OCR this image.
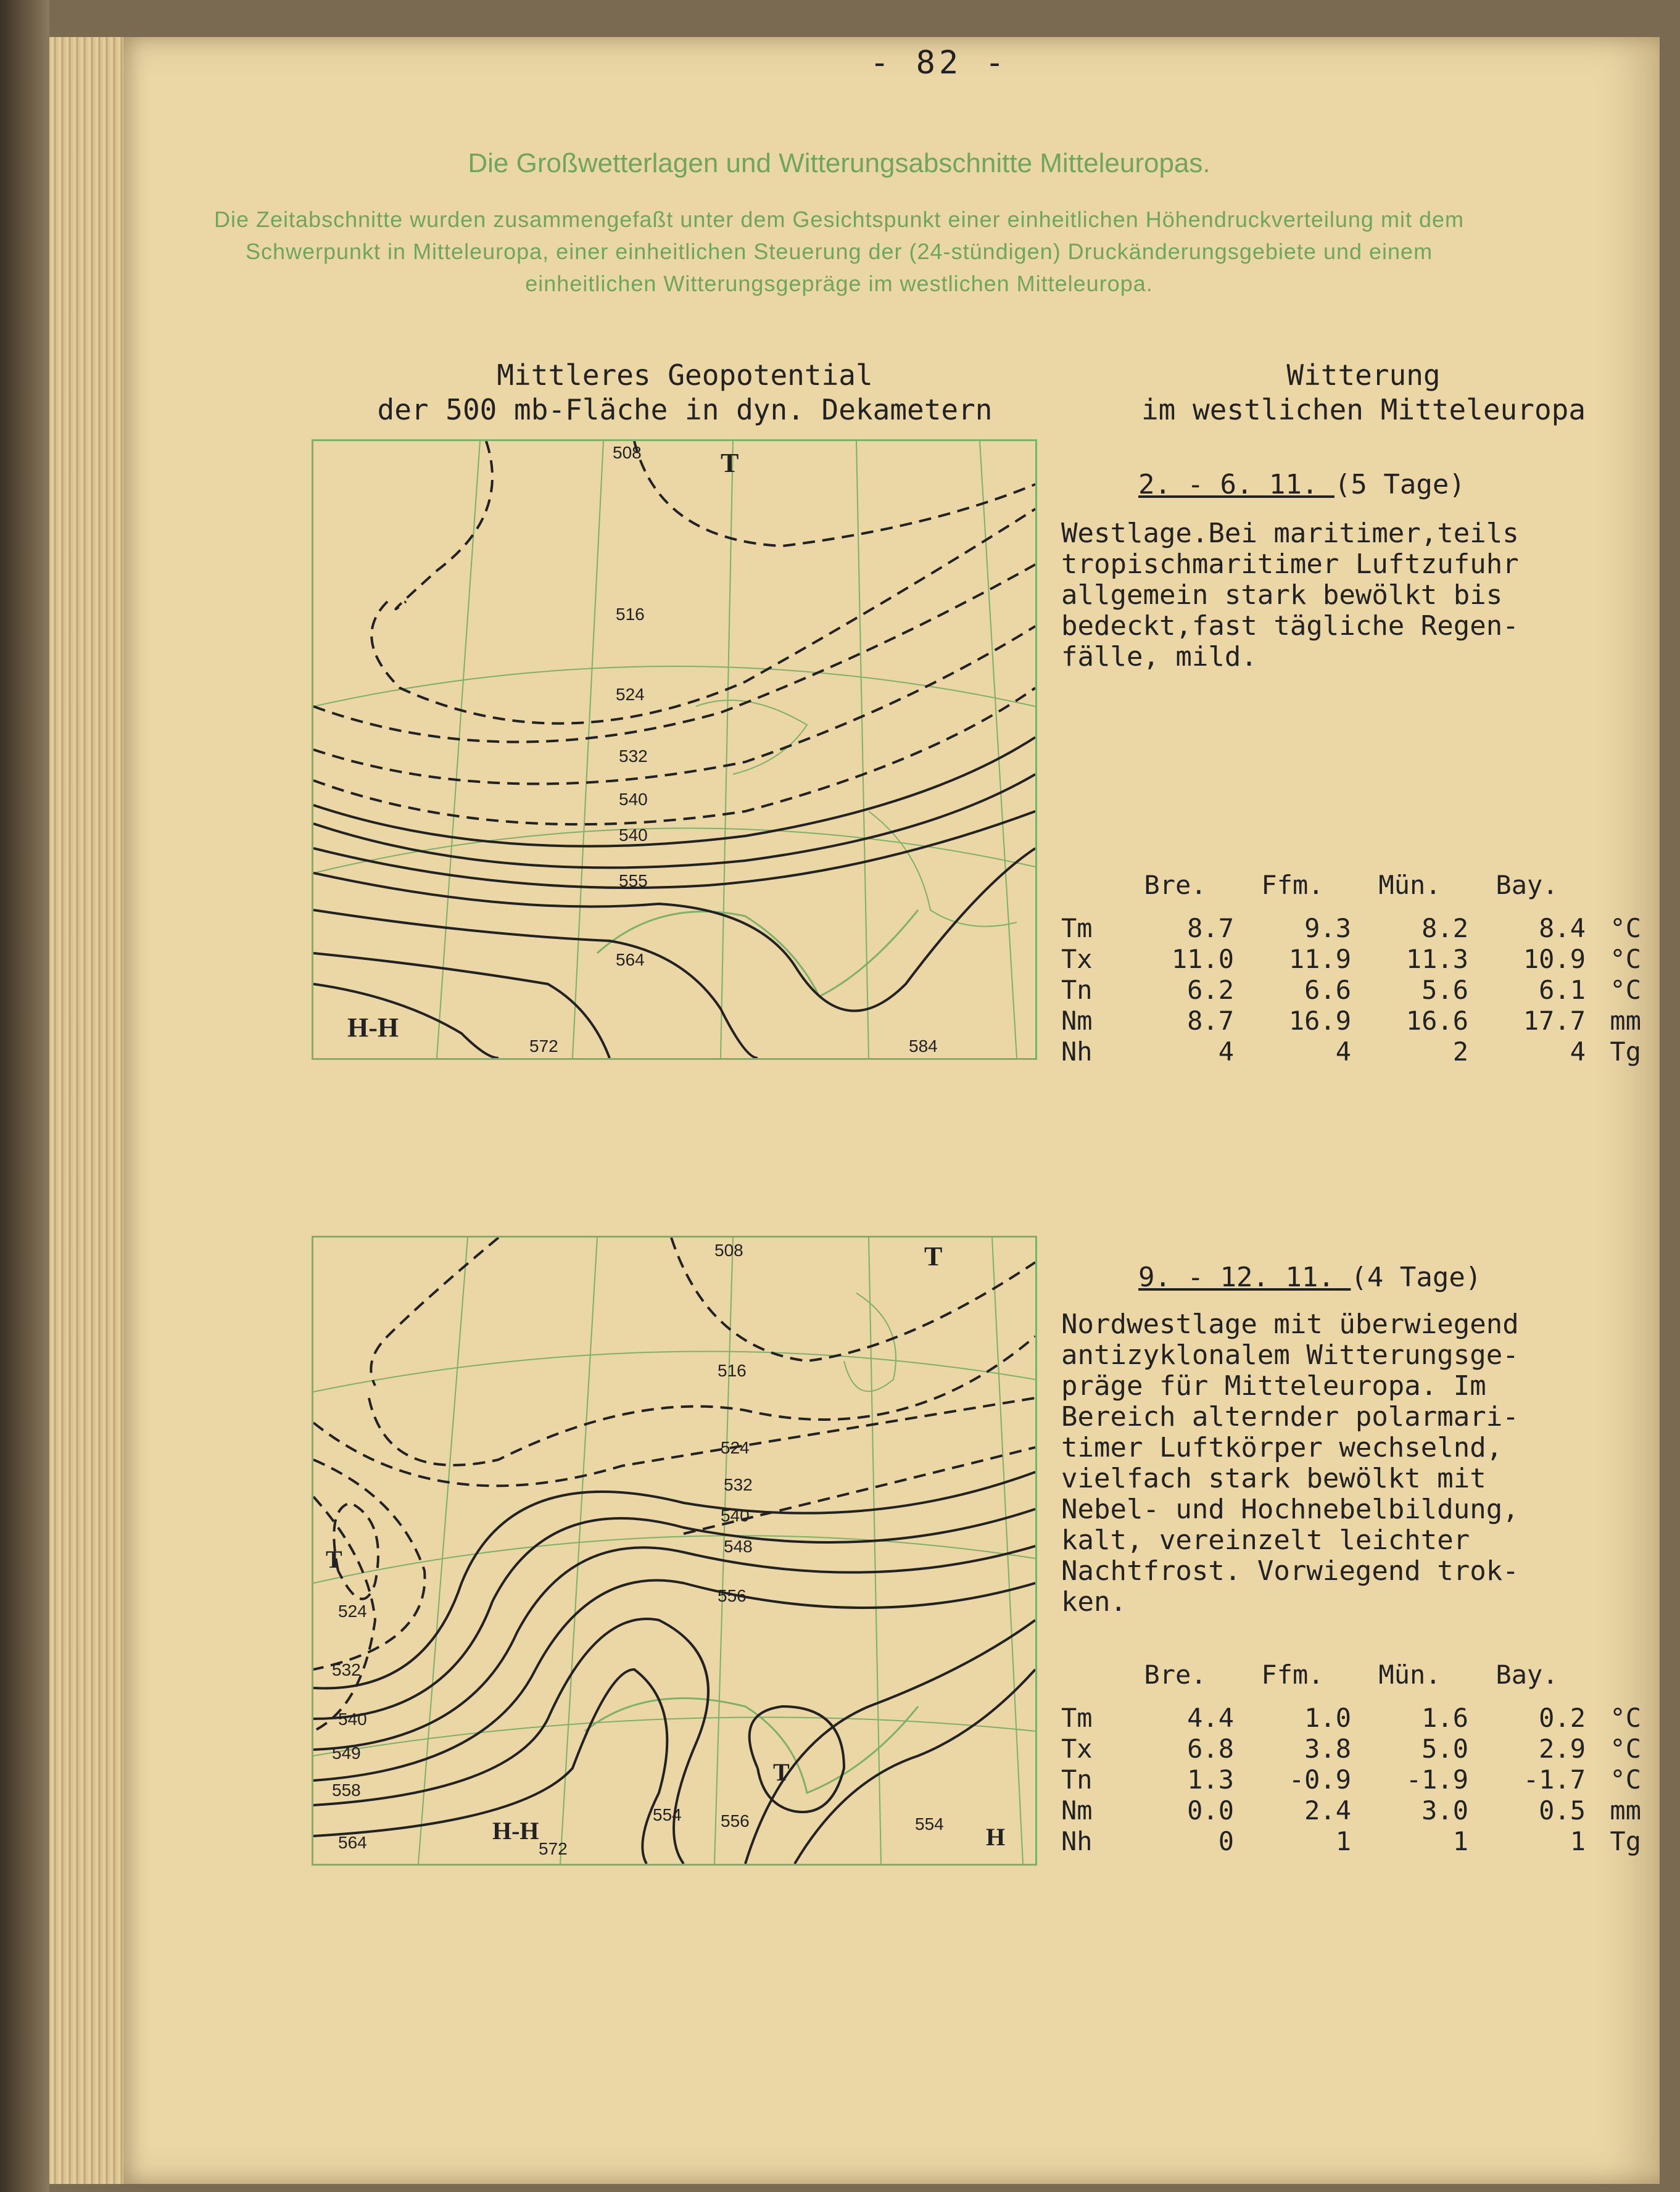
- 82 -
Die Großwetterlagen und Witterungsabschnitte Mitteleuropas.
Die Zeitabschnitte wurden zusammengefaßt unter dem Gesichtspunkt einer einheitlichen Höhendruckverteilung mit dem Schwerpunkt in Mitteleuropa, einer einheitlichen Steuerung der (24-stündigen) Druckänderungsgebiete und einem einheitlichen Witterungsgepräge im westlichen Mitteleuropa.
Mittleres Geopotential
der 500 mb-Fläche in dyn. Dekametern
Witterung
im westlichen Mitteleuropa
508
516
524
532
540
540
555
564
572	584
T
H-H
2. - 6. 11. (5 Tage)
Westlage.Bei maritimer,teils
tropischmaritimer Luftzufuhr
allgemein stark bewölkt bis
bedeckt,fast tägliche Regen-
fälle, mild.
	Bre.	Ffm.	Mün.	Bay.	
Tm	8.7	9.3	8.2	8.4	°C
Tx	11.0	11.9	11.3	10.9	°C
Tn	6.2	6.6	5.6	6.1	°C
Nm	8.7	16.9	16.6	17.7	mm
Nh	4	4	2	4	Tg
508
516
524
532
540
548
556
524
532
540
549
558
564	572
554 556	554
T
T
T
H-H	H
9. - 12. 11. (4 Tage)
Nordwestlage mit überwiegend
antizyklonalem Witterungsge-
präge für Mitteleuropa. Im
Bereich alternder polarmari-
timer Luftkörper wechselnd,
vielfach stark bewölkt mit
Nebel- und Hochnebelbildung,
kalt, vereinzelt leichter
Nachtfrost. Vorwiegend trok-
ken.
	Bre.	Ffm.	Mün.	Bay.	
Tm	4.4	1.0	1.6	0.2	°C
Tx	6.8	3.8	5.0	2.9	°C
Tn	1.3	-0.9	-1.9	-1.7	°C
Nm	0.0	2.4	3.0	0.5	mm
Nh	0	1	1	1	Tg
